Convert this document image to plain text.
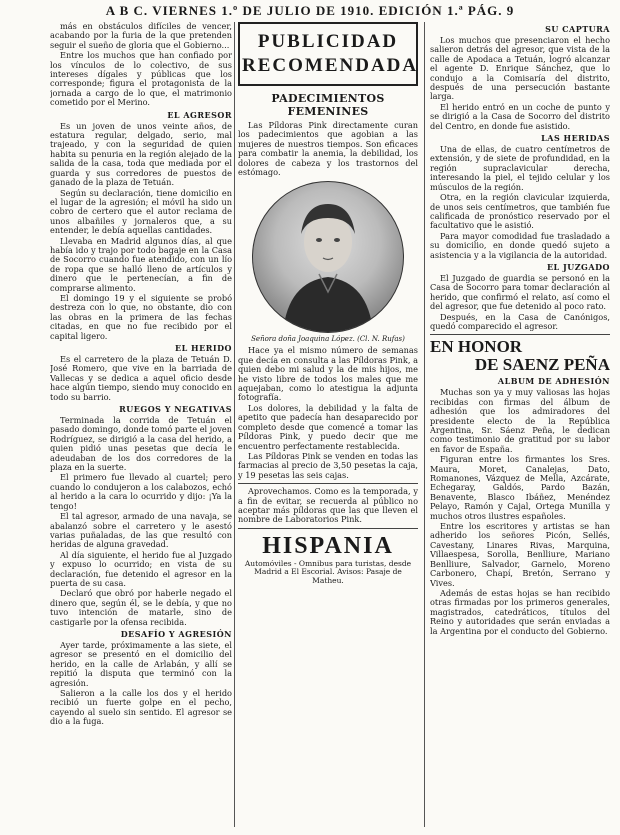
A B C. VIERNES 1.º DE JULIO DE 1910. EDICIÓN 1.ª PÁG. 9

más en obstáculos difíciles de vencer, acabando por la furia de la que pretenden seguir el sueño de gloria que el Gobierno...

Entre los muchos que han confiado por los vínculos de lo colectivo, de sus intereses dígales y públicas que los corresponde; figura el protagonista de la jornada a cargo de lo que, el matrimonio cometido por el Merino.

EL AGRESOR

Es un joven de unos veinte años, de estatura regular, delgado, serio, mal trajeado, y con la seguridad de quien habita su penuria en la región alejado de la salida de la casa, toda que mediada por el guarda y sus corredores de puestos de ganado de la plaza de Tetuán.

Según su declaración, tiene domicilio en el lugar de la agresión; el móvil ha sido un cobro de certero que el autor reclama de unos albañiles y jornaleros que, a su entender, le debía aquellas cantidades.

Llevaba en Madrid algunos días, al que había ido y trajo por todo bagaje en la Casa de Socorro cuando fue atendido, con un lío de ropa que se halló lleno de artículos y dinero que le pertenecían, a fin de comprarse alimento.

El domingo 19 y el siguiente se probó destreza con lo que, no obstante, dio con las obras en la primera de las fechas citadas, en que no fue recibido por el capital ligero.

EL HERIDO

Es el carretero de la plaza de Tetuán D. José Romero, que vive en la barriada de Vallecas y se dedica a aquel oficio desde hace algún tiempo, siendo muy conocido en todo su barrio.

RUEGOS Y NEGATIVAS

Terminada la corrida de Tetuán el pasado domingo, donde tomó parte el joven Rodríguez, se dirigió a la casa del herido, a quien pidió unas pesetas que decía le adeudaban de los dos corredores de la plaza en la suerte.

El primero fue llevado al cuartel; pero cuando lo condujeron a los calabozos, echó al herido a la cara lo ocurrido y dijo: ¡Ya la tengo!

El tal agresor, armado de una navaja, se abalanzó sobre el carretero y le asestó varias puñaladas, de las que resultó con heridas de alguna gravedad.

Al día siguiente, el herido fue al Juzgado y expuso lo ocurrido; en vista de su declaración, fue detenido el agresor en la puerta de su casa.

Declaró que obró por haberle negado el dinero que, según él, se le debía, y que no tuvo intención de matarle, sino de castigarle por la ofensa recibida.

DESAFÍO Y AGRESIÓN

Ayer tarde, próximamente a las siete, el agresor se presentó en el domicilio del herido, en la calle de Arlabán, y allí se repitió la disputa que terminó con la agresión.

Salieron a la calle los dos y el herido recibió un fuerte golpe en el pecho, cayendo al suelo sin sentido. El agresor se dio a la fuga.

PUBLICIDAD
RECOMENDADA
PADECIMIENTOS FEMENINES

Las Píldoras Pink directamente curan los padecimientos que agobian a las mujeres de nuestros tiempos. Son eficaces para combatir la anemia, la debilidad, los dolores de cabeza y los trastornos del estómago.

Señora doña Joaquina López. (Cl. N. Rufas)

Hace ya el mismo número de semanas que decía en consulta a las Píldoras Pink, a quien debo mi salud y la de mis hijos, me he visto libre de todos los males que me aquejaban, como lo atestigua la adjunta fotografía.

Los dolores, la debilidad y la falta de apetito que padecía han desaparecido por completo desde que comencé a tomar las Píldoras Pink, y puedo decir que me encuentro perfectamente restablecida.

Las Píldoras Pink se venden en todas las farmacias al precio de 3,50 pesetas la caja, y 19 pesetas las seis cajas.

Aprovechamos. Como es la temporada, y a fin de evitar, se recuerda al público no aceptar más píldoras que las que lleven el nombre de Laboratorios Pink.

HISPANIA
Automóviles - Omnibus para turistas, desde Madrid a El Escorial. Avisos: Pasaje de Matheu.
SU CAPTURA

Los muchos que presenciaron el hecho salieron detrás del agresor, que vista de la calle de Apodaca a Tetuán, logró alcanzar el agente D. Enrique Sánchez, que lo condujo a la Comisaría del distrito, después de una persecución bastante larga.

El herido entró en un coche de punto y se dirigió a la Casa de Socorro del distrito del Centro, en donde fue asistido.

LAS HERIDAS

Una de ellas, de cuatro centímetros de extensión, y de siete de profundidad, en la región supraclavicular derecha, interesando la piel, el tejido celular y los músculos de la región.

Otra, en la región clavicular izquierda, de unos seis centímetros, que también fue calificada de pronóstico reservado por el facultativo que le asistió.

Para mayor comodidad fue trasladado a su domicilio, en donde quedó sujeto a asistencia y a la vigilancia de la autoridad.

EL JUZGADO

El Juzgado de guardia se personó en la Casa de Socorro para tomar declaración al herido, que confirmó el relato, así como el del agresor, que fue detenido al poco rato.

Después, en la Casa de Canónigos, quedó comparecido el agresor.

EN HONOR
DE SAENZ PEÑA
ALBUM DE ADHESIÓN

Muchas son ya y muy valiosas las hojas recibidas con firmas del álbum de adhesión que los admiradores del presidente electo de la República Argentina, Sr. Sáenz Peña, le dedican como testimonio de gratitud por su labor en favor de España.

Figuran entre los firmantes los Sres. Maura, Moret, Canalejas, Dato, Romanones, Vázquez de Mella, Azcárate, Echegaray, Galdós, Pardo Bazán, Benavente, Blasco Ibáñez, Menéndez Pelayo, Ramón y Cajal, Ortega Munilla y muchos otros ilustres españoles.

Entre los escritores y artistas se han adherido los señores Picón, Sellés, Cavestany, Linares Rivas, Marquina, Villaespesa, Sorolla, Benlliure, Mariano Benlliure, Salvador, Garnelo, Moreno Carbonero, Chapí, Bretón, Serrano y Vives.

Además de estas hojas se han recibido otras firmadas por los primeros generales, magistrados, catedráticos, títulos del Reino y autoridades que serán enviadas a la Argentina por el conducto del Gobierno.
